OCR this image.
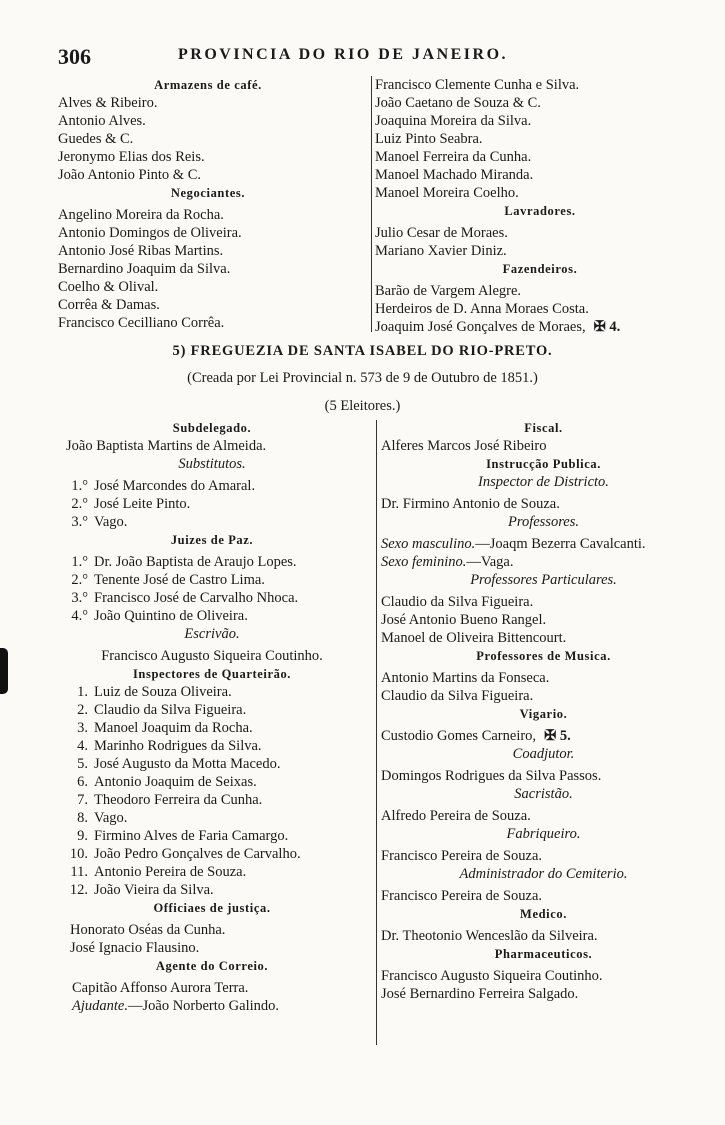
306	PROVINCIA DO RIO DE JANEIRO.
Armazens de café.
Alves & Ribeiro.
Antonio Alves.
Guedes & C.
Jeronymo Elias dos Reis.
João Antonio Pinto & C.
Negociantes.
Angelino Moreira da Rocha.
Antonio Domingos de Oliveira.
Antonio José Ribas Martins.
Bernardino Joaquim da Silva.
Coelho & Olival.
Corrêa & Damas.
Francisco Cecilliano Corrêa.
Francisco Clemente Cunha e Silva.
João Caetano de Souza & C.
Joaquina Moreira da Silva.
Luiz Pinto Seabra.
Manoel Ferreira da Cunha.
Manoel Machado Miranda.
Manoel Moreira Coelho.
Lavradores.
Julio Cesar de Moraes.
Mariano Xavier Diniz.
Fazendeiros.
Barão de Vargem Alegre.
Herdeiros de D. Anna Moraes Costa.
Joaquim José Gonçalves de Moraes, ✠ 4.
5) FREGUEZIA DE SANTA ISABEL DO RIO-PRETO.
(Creada por Lei Provincial n. 573 de 9 de Outubro de 1851.)
(5 Eleitores.)
Subdelegado.
João Baptista Martins de Almeida.
Substitutos.
1.° José Marcondes do Amaral.
2.° José Leite Pinto.
3.° Vago.
Juizes de Paz.
1.° Dr. João Baptista de Araujo Lopes.
2.° Tenente José de Castro Lima.
3.° Francisco José de Carvalho Nhoca.
4.° João Quintino de Oliveira.
Escrivão.
Francisco Augusto Siqueira Coutinho.
Inspectores de Quarteirão.
1. Luiz de Souza Oliveira.
2. Claudio da Silva Figueira.
3. Manoel Joaquim da Rocha.
4. Marinho Rodrigues da Silva.
5. José Augusto da Motta Macedo.
6. Antonio Joaquim de Seixas.
7. Theodoro Ferreira da Cunha.
8. Vago.
9. Firmino Alves de Faria Camargo.
10. João Pedro Gonçalves de Carvalho.
11. Antonio Pereira de Souza.
12. João Vieira da Silva.
Officiaes de justiça.
Honorato Oséas da Cunha.
José Ignacio Flausino.
Agente do Correio.
Capitão Affonso Aurora Terra.
Ajudante.—João Norberto Galindo.
Fiscal.
Alferes Marcos José Ribeiro
Instrucção Publica.
Inspector de Districto.
Dr. Firmino Antonio de Souza.
Professores.
Sexo masculino.—Joaqm Bezerra Cavalcanti.
Sexo feminino.—Vaga.
Professores Particulares.
Claudio da Silva Figueira.
José Antonio Bueno Rangel.
Manoel de Oliveira Bittencourt.
Professores de Musica.
Antonio Martins da Fonseca.
Claudio da Silva Figueira.
Vigario.
Custodio Gomes Carneiro, ✠ 5.
Coadjutor.
Domingos Rodrigues da Silva Passos.
Sacristão.
Alfredo Pereira de Souza.
Fabriqueiro.
Francisco Pereira de Souza.
Administrador do Cemiterio.
Francisco Pereira de Souza.
Medico.
Dr. Theotonio Wenceslão da Silveira.
Pharmaceuticos.
Francisco Augusto Siqueira Coutinho.
José Bernardino Ferreira Salgado.
